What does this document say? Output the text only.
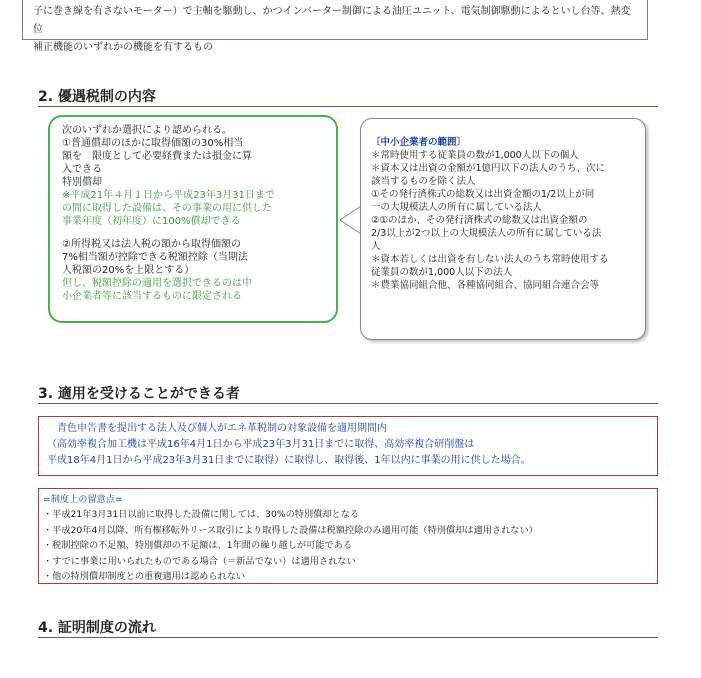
子に巻き線を有さないモーター）で主軸を駆動し、かつインバーター制御による油圧ユニット、電気制御駆動によるといし台等、熱変位

補正機能のいずれかの機能を有するもの

2. 優遇税制の内容

次のいずれか選択により認められる。

①普通償却のほかに取得価額の30%相当

額を　限度として必要経費または損金に算

入できる

特別償却

※平成21年４月１日から平成23年3月31日まで

の間に取得した設備は、その事業の用に供した

事業年度（初年度）に100%償却できる

②所得税又は法人税の額から取得価額の

7%相当額が控除できる税額控除（当期法

人税額の20%を上限とする）

但し、税額控除の適用を選択できるのは中

小企業者等に該当するものに限定される

〔中小企業者の範囲〕

＊常時使用する従業員の数が1,000人以下の個人

＊資本又は出資の金額が1億円以下の法人のうち、次に

該当するものを除く法人

①その発行済株式の総数又は出資金額の1/2以上が同

一の大規模法人の所有に属している法人

②①のほか、その発行済株式の総数又は出資金額の

2/3以上が2つ以上の大規模法人の所有に属している法

人

＊資本若しくは出資を有しない法人のうち常時使用する

従業員の数が1,000人以下の法人

＊農業協同組合他、各種協同組合、協同組合連合会等

3. 適用を受けることができる者

青色申告書を提出する法人及び個人がエネ革税制の対象設備を適用期間内

（高効率複合加工機は平成16年4月1日から平成23年3月31日までに取得、高効率複合研削盤は

平成18年4月1日から平成23年3月31日までに取得）に取得し、取得後、1年以内に事業の用に供した場合。

=制度上の留意点=

・平成21年3月31日以前に取得した設備に関しては、30%の特別償却となる

・平成20年4月以降、所有権移転外リース取引により取得した設備は税額控除のみ適用可能（特別償却は適用されない）

・税制控除の不足額、特別償却の不足額は、1年間の繰り越しが可能である

・すでに事業に用いられたものである場合（＝新品でない）は適用されない

・他の特別償却制度との重複適用は認められない

4. 証明制度の流れ
